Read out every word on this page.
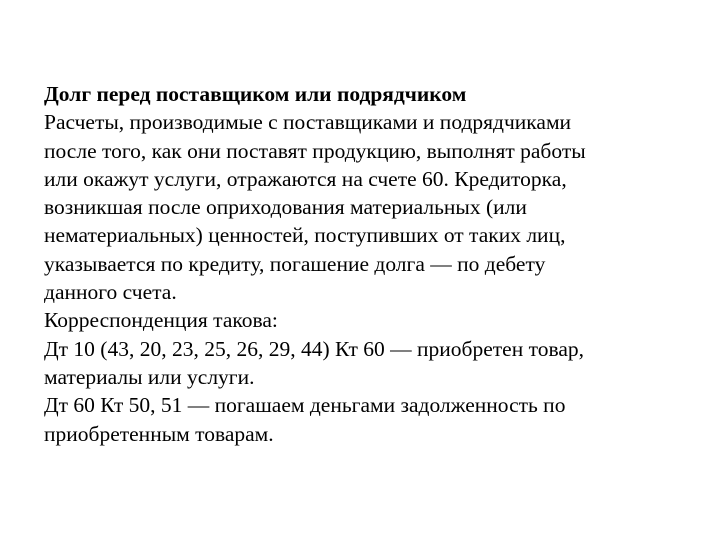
Долг перед поставщиком или подрядчиком
Расчеты, производимые с поставщиками и подрядчиками
после того, как они поставят продукцию, выполнят работы
или окажут услуги, отражаются на счете 60. Кредиторка,
возникшая после оприходования материальных (или
нематериальных) ценностей, поступивших от таких лиц,
указывается по кредиту, погашение долга — по дебету
данного счета.
Корреспонденция такова:
Дт 10 (43, 20, 23, 25, 26, 29, 44) Кт 60 — приобретен товар,
материалы или услуги.
Дт 60 Кт 50, 51 — погашаем деньгами задолженность по
приобретенным товарам.
